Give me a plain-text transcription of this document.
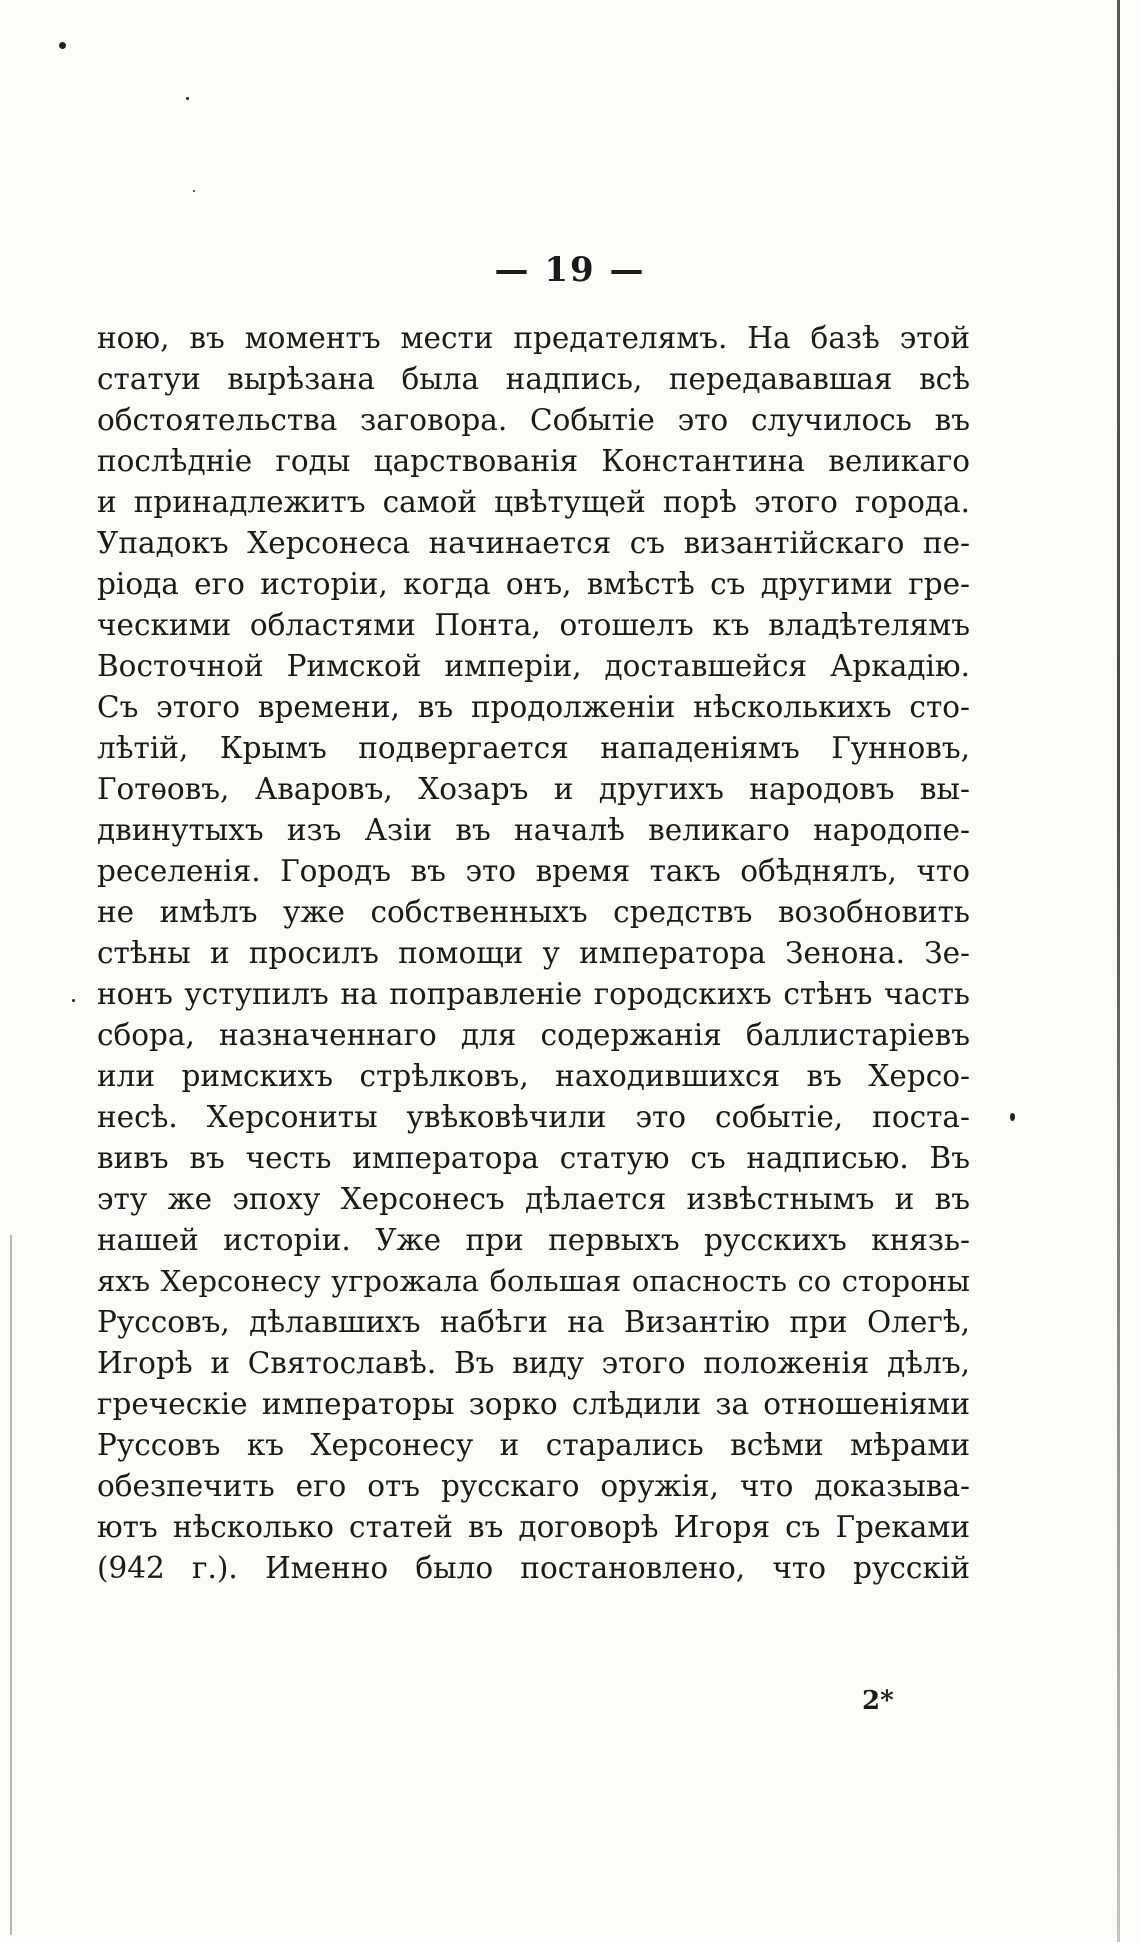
— 19 —
ною, въ моментъ мести предателямъ. На базѣ этой
статуи вырѣзана была надпись, передававшая всѣ
обстоятельства заговора. Событіе это случилось въ
послѣдніе годы царствованія Константина великаго
и принадлежитъ самой цвѣтущей порѣ этого города.
Упадокъ Херсонеса начинается съ византійскаго пе-
ріода его исторіи, когда онъ, вмѣстѣ съ другими гре-
ческими областями Понта, отошелъ къ владѣтелямъ
Восточной Римской имперіи, доставшейся Аркадію.
Съ этого времени, въ продолженіи нѣсколькихъ сто-
лѣтій, Крымъ подвергается нападеніямъ Гунновъ,
Готѳовъ, Аваровъ, Хозаръ и другихъ народовъ вы-
двинутыхъ изъ Азіи въ началѣ великаго народопе-
реселенія. Городъ въ это время такъ обѣднялъ, что
не имѣлъ уже собственныхъ средствъ возобновить
стѣны и просилъ помощи у императора Зенона. Зе-
нонъ уступилъ на поправленіе городскихъ стѣнъ часть
сбора, назначеннаго для содержанія баллистаріевъ
или римскихъ стрѣлковъ, находившихся въ Херсо-
несѣ. Херсониты увѣковѣчили это событіе, поста-
вивъ въ честь императора статую съ надписью. Въ
эту же эпоху Херсонесъ дѣлается извѣстнымъ и въ
нашей исторіи. Уже при первыхъ русскихъ князь-
яхъ Херсонесу угрожала большая опасность со стороны
Руссовъ, дѣлавшихъ набѣги на Византію при Олегѣ,
Игорѣ и Святославѣ. Въ виду этого положенія дѣлъ,
греческіе императоры зорко слѣдили за отношеніями
Руссовъ къ Херсонесу и старались всѣми мѣрами
обезпечить его отъ русскаго оружія, что доказыва-
ютъ нѣсколько статей въ договорѣ Игоря съ Греками
(942 г.). Именно было постановлено, что русскій
2*
